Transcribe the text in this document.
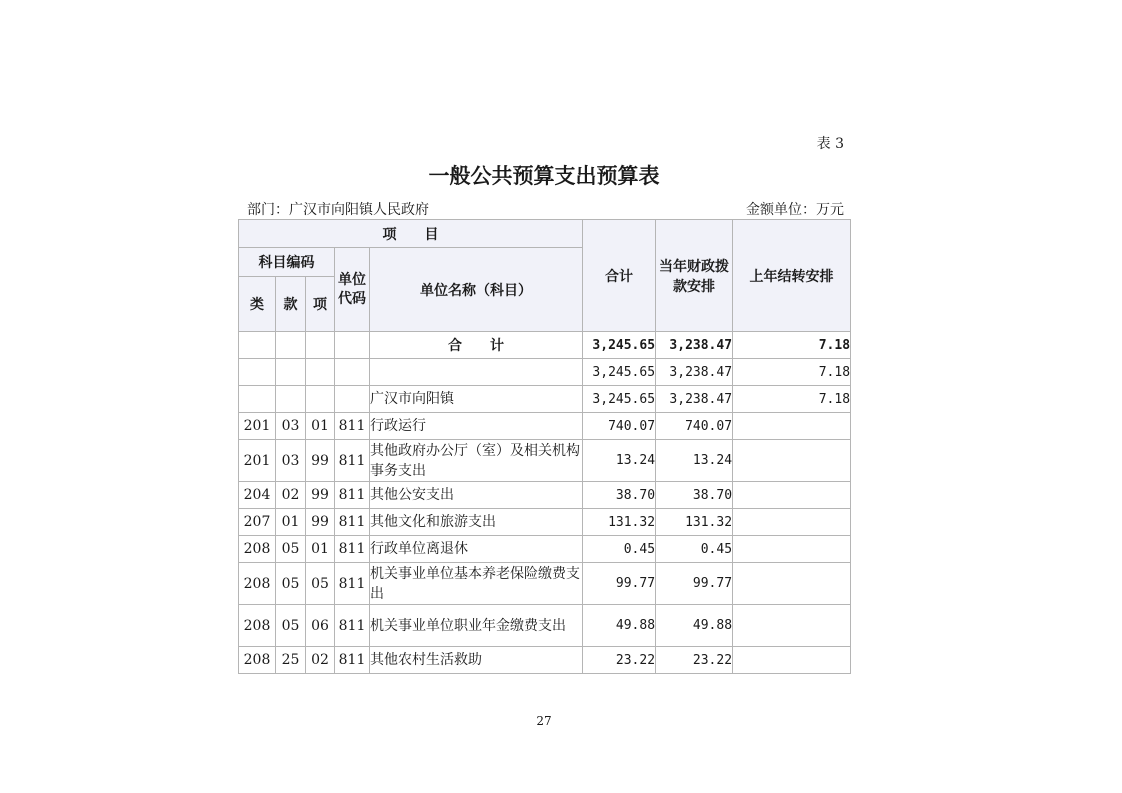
表 3
一般公共预算支出预算表
部门：广汉市向阳镇人民政府	金额单位：万元
项　　目					合计	当年财政拨款安排	上年结转安排
科目编码			单位代码	单位名称（科目）			
类	款	项					
				合　　计	3,245.65	3,238.47	7.18
					3,245.65	3,238.47	7.18
				广汉市向阳镇	3,245.65	3,238.47	7.18
201	03	01	811	行政运行	740.07	740.07	
201	03	99	811	其他政府办公厅（室）及相关机构事务支出	13.24	13.24	
204	02	99	811	其他公安支出	38.70	38.70	
207	01	99	811	其他文化和旅游支出	131.32	131.32	
208	05	01	811	行政单位离退休	0.45	0.45	
208	05	05	811	机关事业单位基本养老保险缴费支出	99.77	99.77	
208	05	06	811	机关事业单位职业年金缴费支出	49.88	49.88	
208	25	02	811	其他农村生活救助	23.22	23.22	
27
